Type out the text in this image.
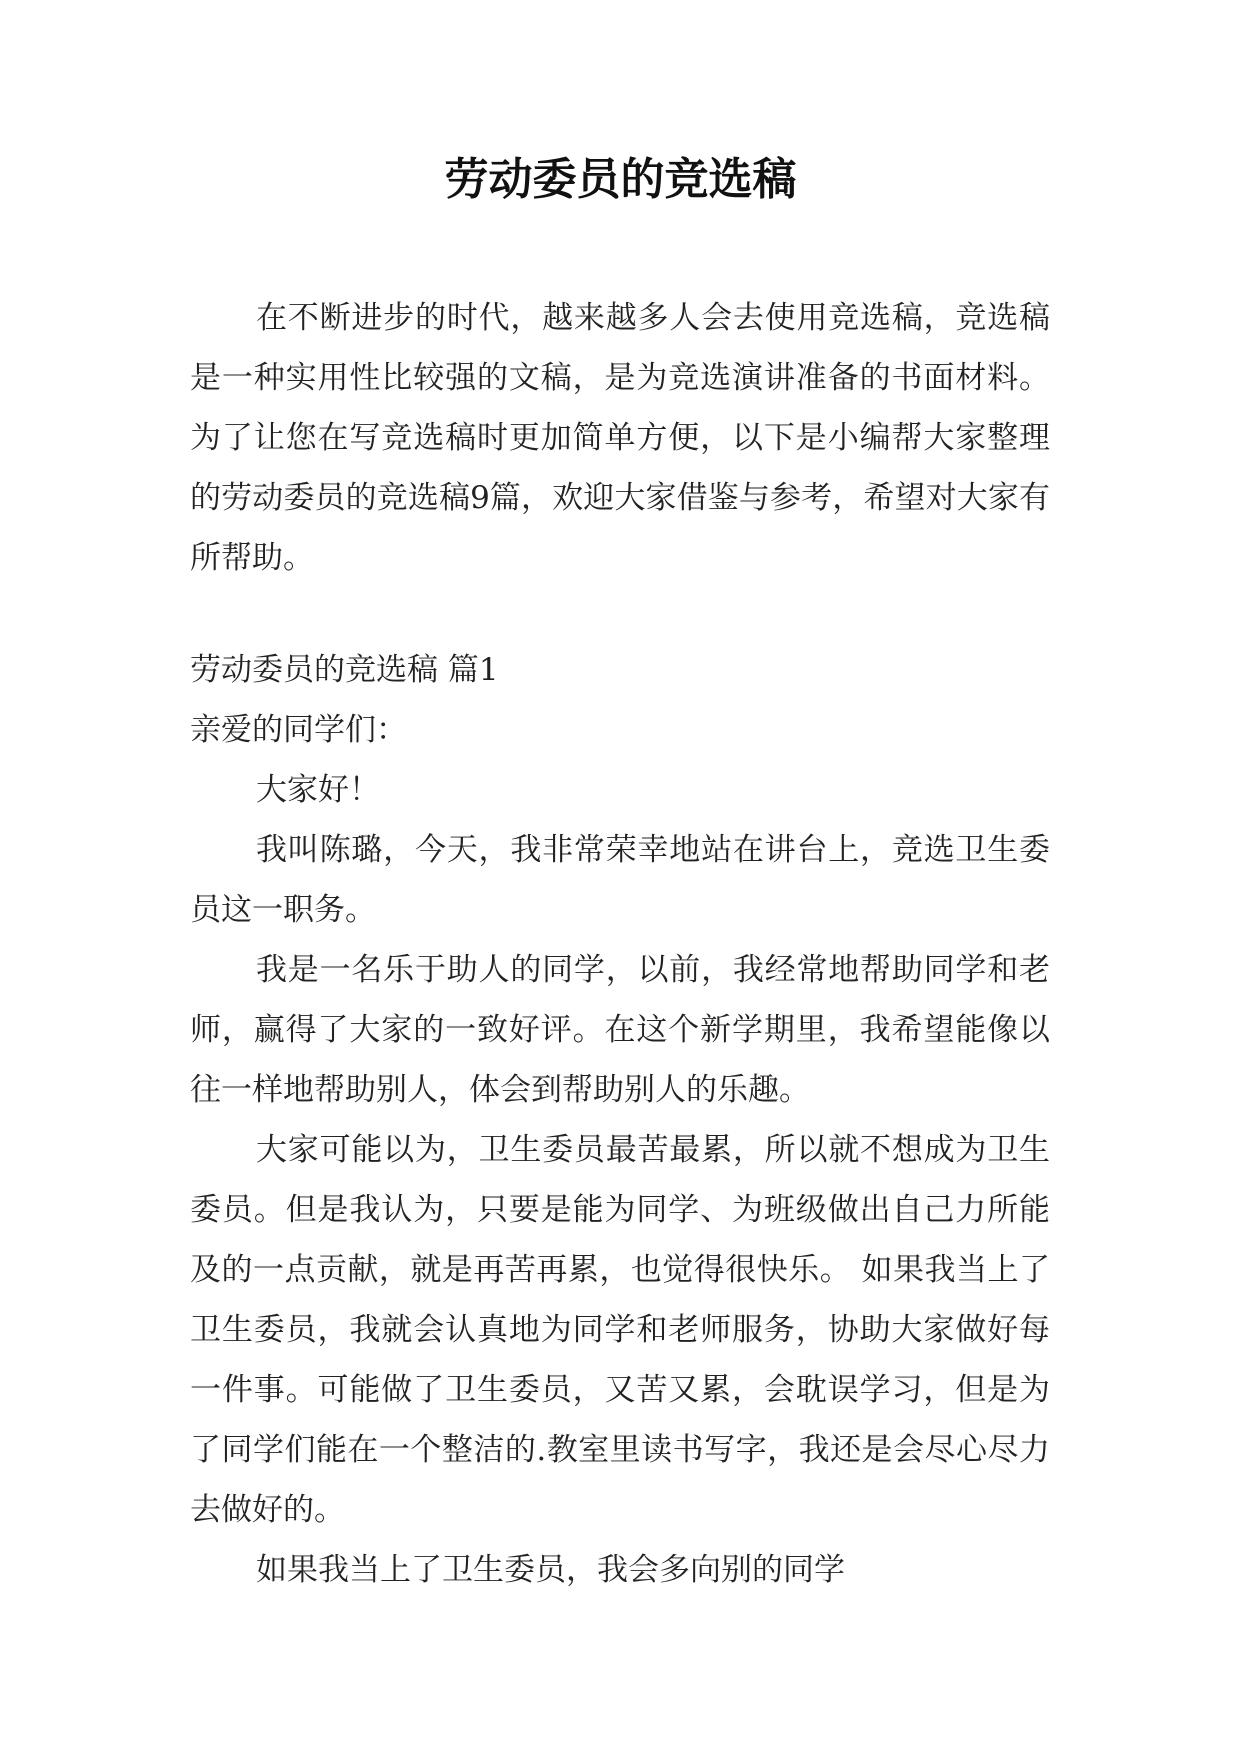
劳动委员的竞选稿

在不断进步的时代，越来越多人会去使用竞选稿，竞选稿是一种实用性比较强的文稿，是为竞选演讲准备的书面材料。为了让您在写竞选稿时更加简单方便，以下是小编帮大家整理的劳动委员的竞选稿9篇，欢迎大家借鉴与参考，希望对大家有所帮助。

劳动委员的竞选稿 篇1

亲爱的同学们：

大家好！

我叫陈璐，今天，我非常荣幸地站在讲台上，竞选卫生委员这一职务。

我是一名乐于助人的同学，以前，我经常地帮助同学和老师，赢得了大家的一致好评。在这个新学期里，我希望能像以往一样地帮助别人，体会到帮助别人的乐趣。

大家可能以为，卫生委员最苦最累，所以就不想成为卫生委员。但是我认为，只要是能为同学、为班级做出自己力所能及的一点贡献，就是再苦再累，也觉得很快乐。 如果我当上了卫生委员，我就会认真地为同学和老师服务，协助大家做好每一件事。可能做了卫生委员，又苦又累，会耽误学习，但是为了同学们能在一个整洁的.教室里读书写字，我还是会尽心尽力去做好的。

如果我当上了卫生委员，我会多向别的同学
